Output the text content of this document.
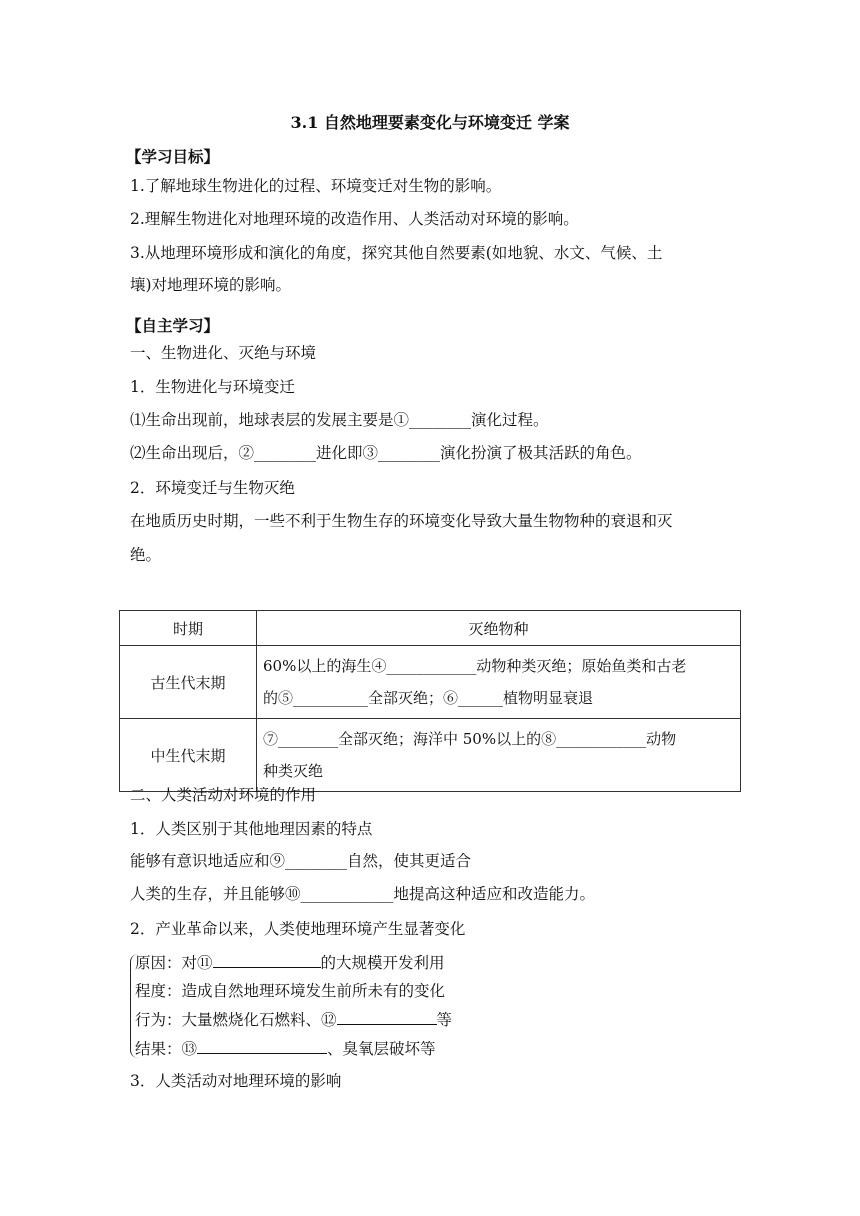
3.1 自然地理要素变化与环境变迁 学案
【学习目标】
1.了解地球生物进化的过程、环境变迁对生物的影响。
2.理解生物进化对地理环境的改造作用、人类活动对环境的影响。
3.从地理环境形成和演化的角度，探究其他自然要素(如地貌、水文、气候、土
壤)对地理环境的影响。
【自主学习】
一、生物进化、灭绝与环境
1．生物进化与环境变迁
⑴生命出现前，地球表层的发展主要是①________演化过程。
⑵生命出现后，②________进化即③________演化扮演了极其活跃的角色。
2．环境变迁与生物灭绝
在地质历史时期，一些不利于生物生存的环境变化导致大量生物物种的衰退和灭
绝。
时期	灭绝物种
古生代末期	60%以上的海生④____________动物种类灭绝；原始鱼类和古老
的⑤__________全部灭绝；⑥______植物明显衰退

中生代末期	⑦________全部灭绝；海洋中 50%以上的⑧____________动物
种类灭绝
二、人类活动对环境的作用
1．人类区别于其他地理因素的特点
能够有意识地适应和⑨________自然，使其更适合
人类的生存，并且能够⑩____________地提高这种适应和改造能力。
2．产业革命以来，人类使地理环境产生显著变化
原因：对⑪	的大规模开发利用
程度：造成自然地理环境发生前所未有的变化
行为：大量燃烧化石燃料、⑫	等
结果：⑬	、臭氧层破坏等
3．人类活动对地理环境的影响
